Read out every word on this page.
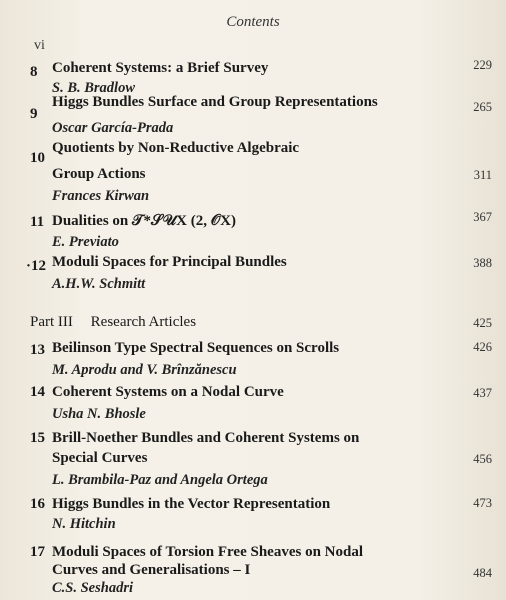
Contents
vi
8 Coherent Systems: a Brief Survey	229
S. B. Bradlow
9
Higgs Bundles Surface and Group Representations	265
Oscar García-Prada
10
Quotients by Non-Reductive Algebraic
Group Actions	311
Frances Kirwan
11 Dualities on 𝒯*𝒮𝒰X (2, 𝒪X)	367
E. Previato
·12 Moduli Spaces for Principal Bundles	388
A.H.W. Schmitt
Part III Research Articles	425
13 Beilinson Type Spectral Sequences on Scrolls	426
M. Aprodu and V. Brînzănescu
14 Coherent Systems on a Nodal Curve	437
Usha N. Bhosle
15 Brill-Noether Bundles and Coherent Systems on
Special Curves	456
L. Brambila-Paz and Angela Ortega
16 Higgs Bundles in the Vector Representation	473
N. Hitchin
17 Moduli Spaces of Torsion Free Sheaves on Nodal
Curves and Generalisations – I	484
C.S. Seshadri
